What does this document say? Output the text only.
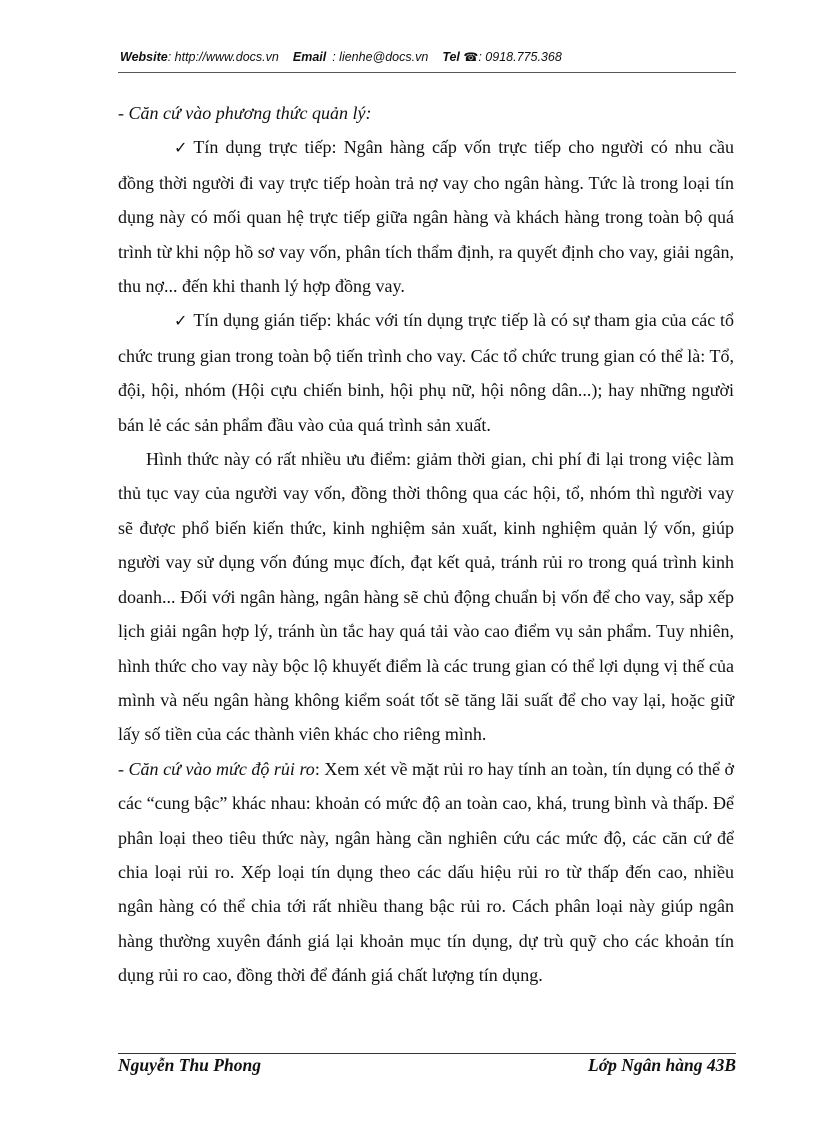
Website: http://www.docs.vn Email : lienhe@docs.vn Tel ☎: 0918.775.368

- Căn cứ vào phương thức quản lý:

✓ Tín dụng trực tiếp: Ngân hàng cấp vốn trực tiếp cho người có nhu cầu đồng thời người đi vay trực tiếp hoàn trả nợ vay cho ngân hàng. Tức là trong loại tín dụng này có mối quan hệ trực tiếp giữa ngân hàng và khách hàng trong toàn bộ quá trình từ khi nộp hồ sơ vay vốn, phân tích thẩm định, ra quyết định cho vay, giải ngân, thu nợ... đến khi thanh lý hợp đồng vay.

✓ Tín dụng gián tiếp: khác với tín dụng trực tiếp là có sự tham gia của các tổ chức trung gian trong toàn bộ tiến trình cho vay. Các tổ chức trung gian có thể là: Tổ, đội, hội, nhóm (Hội cựu chiến binh, hội phụ nữ, hội nông dân...); hay những người bán lẻ các sản phẩm đầu vào của quá trình sản xuất.

Hình thức này có rất nhiều ưu điểm: giảm thời gian, chi phí đi lại trong việc làm thủ tục vay của người vay vốn, đồng thời thông qua các hội, tổ, nhóm thì người vay sẽ được phổ biến kiến thức, kinh nghiệm sản xuất, kinh nghiệm quản lý vốn, giúp người vay sử dụng vốn đúng mục đích, đạt kết quả, tránh rủi ro trong quá trình kinh doanh... Đối với ngân hàng, ngân hàng sẽ chủ động chuẩn bị vốn để cho vay, sắp xếp lịch giải ngân hợp lý, tránh ùn tắc hay quá tải vào cao điểm vụ sản phẩm. Tuy nhiên, hình thức cho vay này bộc lộ khuyết điểm là các trung gian có thể lợi dụng vị thế của mình và nếu ngân hàng không kiểm soát tốt sẽ tăng lãi suất để cho vay lại, hoặc giữ lấy số tiền của các thành viên khác cho riêng mình.

- Căn cứ vào mức độ rủi ro: Xem xét về mặt rủi ro hay tính an toàn, tín dụng có thể ở các “cung bậc” khác nhau: khoản có mức độ an toàn cao, khá, trung bình và thấp. Để phân loại theo tiêu thức này, ngân hàng cần nghiên cứu các mức độ, các căn cứ để chia loại rủi ro. Xếp loại tín dụng theo các dấu hiệu rủi ro từ thấp đến cao, nhiều ngân hàng có thể chia tới rất nhiều thang bậc rủi ro. Cách phân loại này giúp ngân hàng thường xuyên đánh giá lại khoản mục tín dụng, dự trù quỹ cho các khoản tín dụng rủi ro cao, đồng thời để đánh giá chất lượng tín dụng.

Nguyễn Thu Phong	Lớp Ngân hàng 43B
